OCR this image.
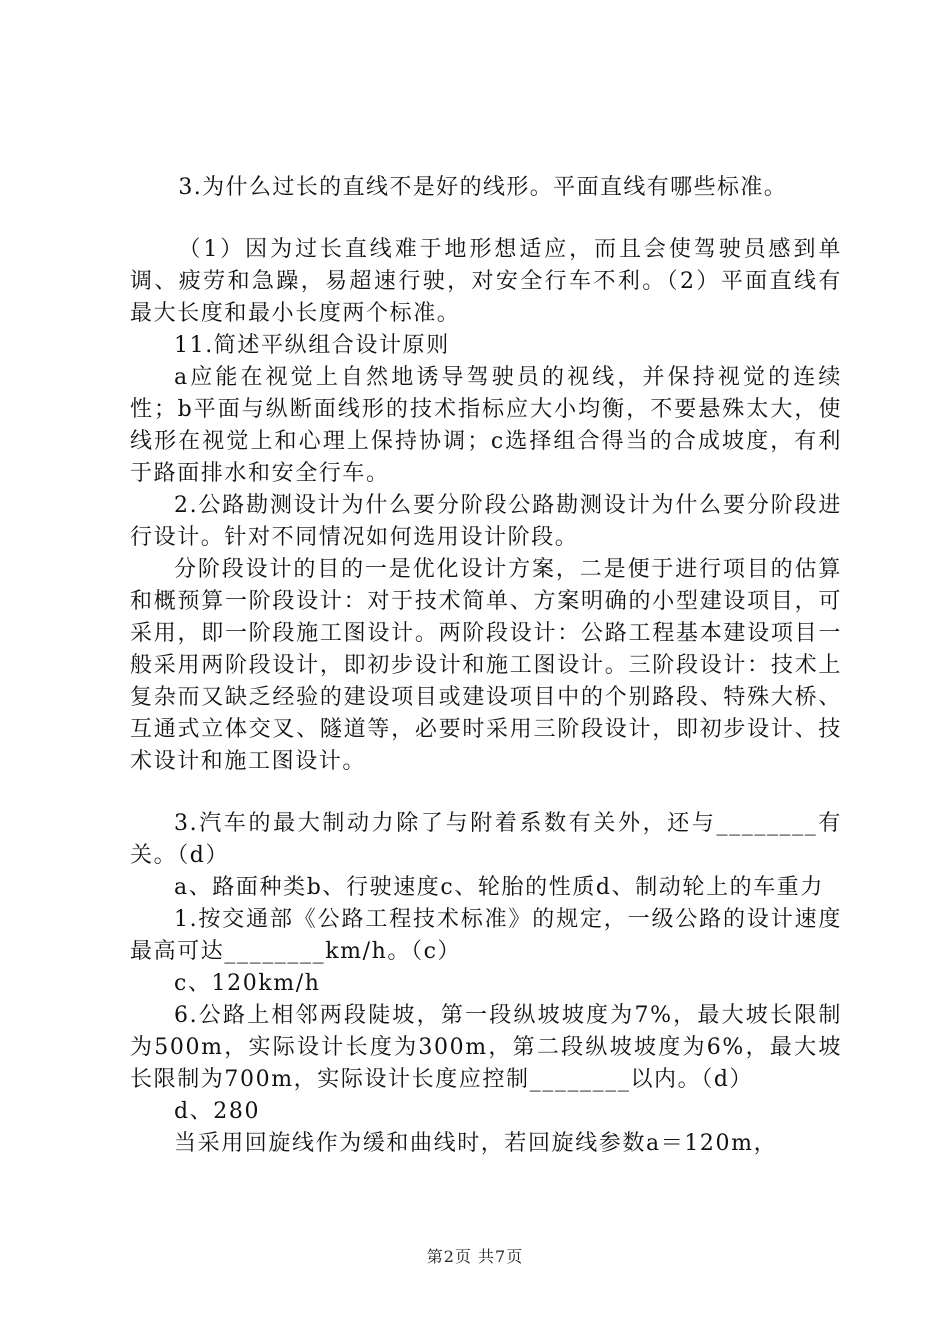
3.为什么过长的直线不是好的线形。平面直线有哪些标准。

（1）因为过长直线难于地形想适应，而且会使驾驶员感到单调、疲劳和急躁，易超速行驶，对安全行车不利。（2）平面直线有最大长度和最小长度两个标准。

11.简述平纵组合设计原则

a应能在视觉上自然地诱导驾驶员的视线，并保持视觉的连续性；b平面与纵断面线形的技术指标应大小均衡，不要悬殊太大，使线形在视觉上和心理上保持协调；c选择组合得当的合成坡度，有利于路面排水和安全行车。

2.公路勘测设计为什么要分阶段公路勘测设计为什么要分阶段进行设计。针对不同情况如何选用设计阶段。

分阶段设计的目的一是优化设计方案，二是便于进行项目的估算和概预算一阶段设计：对于技术简单、方案明确的小型建设项目，可采用，即一阶段施工图设计。两阶段设计：公路工程基本建设项目一般采用两阶段设计，即初步设计和施工图设计。三阶段设计：技术上复杂而又缺乏经验的建设项目或建设项目中的个别路段、特殊大桥、互通式立体交叉、隧道等，必要时采用三阶段设计，即初步设计、技术设计和施工图设计。

3.汽车的最大制动力除了与附着系数有关外，还与________有关。（d）

a、路面种类b、行驶速度c、轮胎的性质d、制动轮上的车重力

1.按交通部《公路工程技术标准》的规定，一级公路的设计速度最高可达________km/h。（c）

c、120km/h

6.公路上相邻两段陡坡，第一段纵坡坡度为7%，最大坡长限制为500m，实际设计长度为300m，第二段纵坡坡度为6%，最大坡长限制为700m，实际设计长度应控制________以内。（d）

d、280

当采用回旋线作为缓和曲线时，若回旋线参数a＝120m，

第2页 共7页
